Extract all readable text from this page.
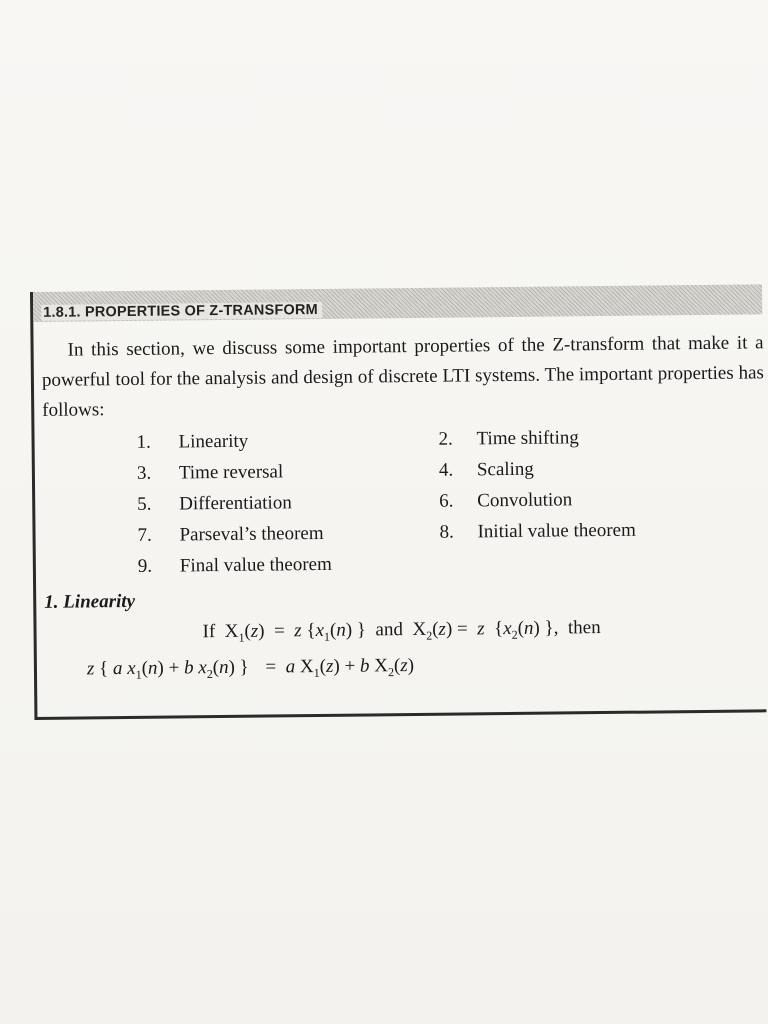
1.8.1. PROPERTIES OF Z-TRANSFORM
In this section, we discuss some important properties of the Z-transform that make it a powerful tool for the analysis and design of discrete LTI systems. The important properties has follows:
1. Linearity	2. Time shifting
3. Time reversal	4. Scaling
5. Differentiation	6. Convolution
7. Parseval’s theorem	8. Initial value theorem
9. Final value theorem
1. Linearity
If  $X_1(z) = z$ {$x_1(n)$ }  and  $X_2(z) = z$  {$x_2(n)$ },  then
z { a $x_1(n) + b$ $x_2(n)$ } =  a $X_1(z) + b$ $X_2(z)$
